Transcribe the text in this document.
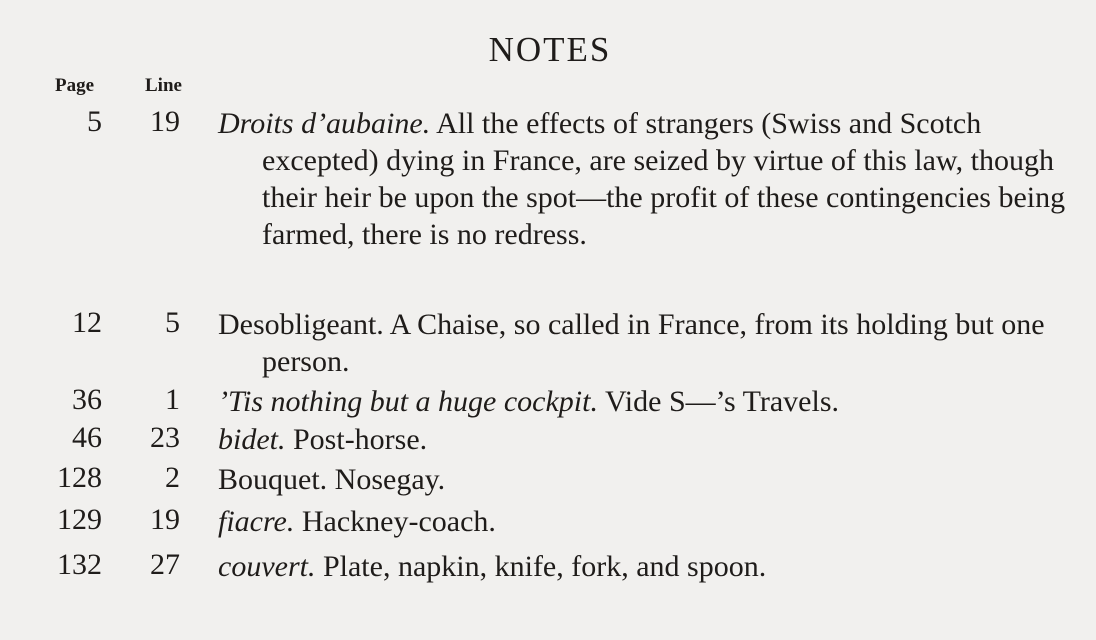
NOTES
Page	Line
5	19 Droits d’aubaine. All the effects of strangers (Swiss and Scotch excepted) dying in France, are seized by virtue of this law, though their heir be upon the spot—the profit of these contingencies being farmed, there is no redress.
12	5 Desobligeant. A Chaise, so called in France, from its holding but one person.
36	1 ’Tis nothing but a huge cockpit. Vide S—’s Travels.
46	23 bidet. Post-horse.
128	2 Bouquet. Nosegay.
129	19 fiacre. Hackney-coach.
132	27 couvert. Plate, napkin, knife, fork, and spoon.
